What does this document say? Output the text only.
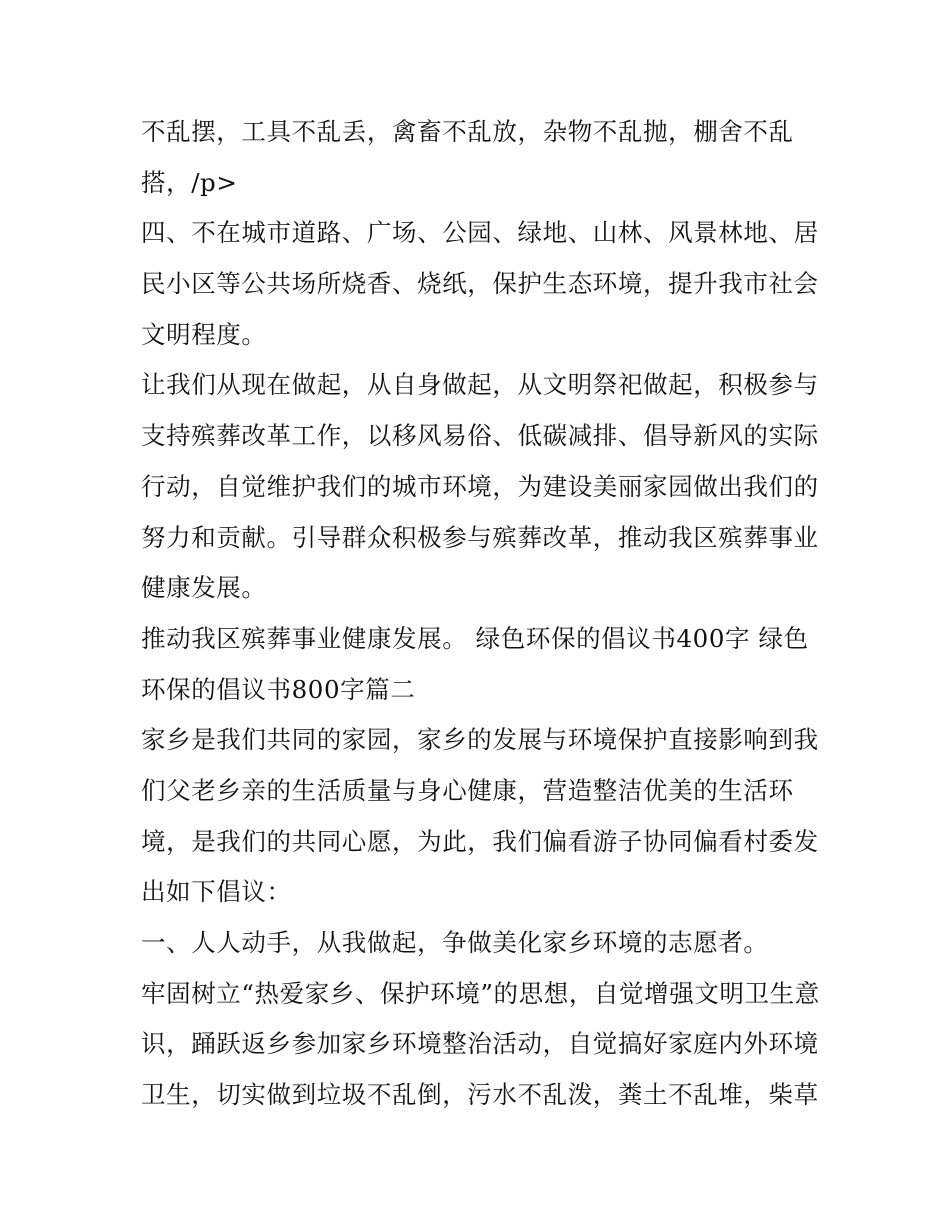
不乱摆，工具不乱丢，禽畜不乱放，杂物不乱抛，棚舍不乱
搭，/p>
四、不在城市道路、广场、公园、绿地、山林、风景林地、居
民小区等公共场所烧香、烧纸，保护生态环境，提升我市社会
文明程度。
让我们从现在做起，从自身做起，从文明祭祀做起，积极参与
支持殡葬改革工作，以移风易俗、低碳减排、倡导新风的实际
行动，自觉维护我们的城市环境，为建设美丽家园做出我们的
努力和贡献。引导群众积极参与殡葬改革，推动我区殡葬事业
健康发展。
推动我区殡葬事业健康发展。 绿色环保的倡议书400字 绿色
环保的倡议书800字篇二
家乡是我们共同的家园，家乡的发展与环境保护直接影响到我
们父老乡亲的生活质量与身心健康，营造整洁优美的生活环
境，是我们的共同心愿，为此，我们偏看游子协同偏看村委发
出如下倡议：
一、人人动手，从我做起，争做美化家乡环境的志愿者。
牢固树立“热爱家乡、保护环境”的思想，自觉增强文明卫生意
识，踊跃返乡参加家乡环境整治活动，自觉搞好家庭内外环境
卫生，切实做到垃圾不乱倒，污水不乱泼，粪土不乱堆，柴草
